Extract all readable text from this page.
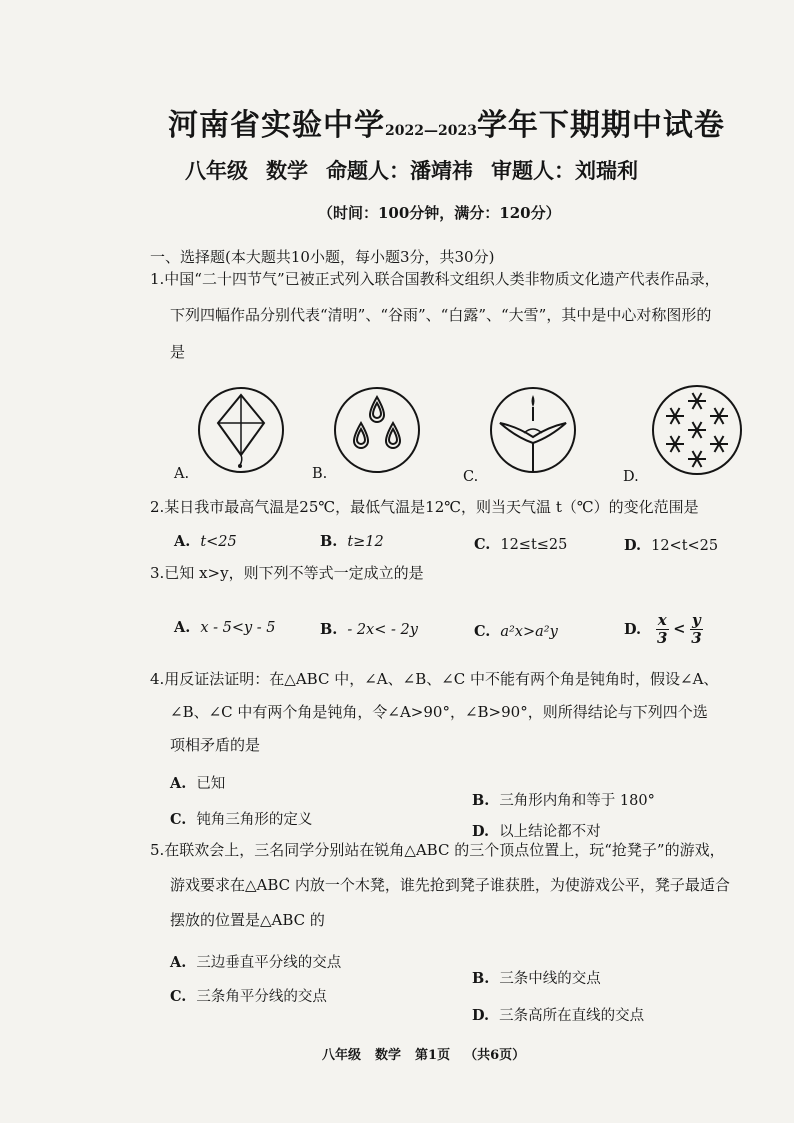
河南省实验中学2022—2023学年下期期中试卷
八年级 数学 命题人：潘靖祎 审题人：刘瑞利
（时间：100分钟，满分：120分）
一、选择题(本大题共10小题，每小题3分，共30分)
1.中国“二十四节气”已被正式列入联合国教科文组织人类非物质文化遗产代表作品录，
下列四幅作品分别代表“清明”、“谷雨”、“白露”、“大雪”，其中是中心对称图形的
是
A.	B.	C.	D.
2.某日我市最高气温是25℃，最低气温是12℃，则当天气温 t（℃）的变化范围是
A. t<25	B. t≥12	C. 12≤t≤25	D. 12<t<25
3.已知 x>y，则下列不等式一定成立的是
A. x - 5<y - 5	B. - 2x< - 2y	C. a²x>a²y	D. $\frac{x}{3} < \frac{y}{3}$
4.用反证法证明：在△ABC 中，∠A、∠B、∠C 中不能有两个角是钝角时，假设∠A、
∠B、∠C 中有两个角是钝角，令∠A>90°，∠B>90°，则所得结论与下列四个选
项相矛盾的是
A. 已知
B. 三角形内角和等于 180°
C. 钝角三角形的定义
D. 以上结论都不对
5.在联欢会上，三名同学分别站在锐角△ABC 的三个顶点位置上，玩“抢凳子”的游戏，
游戏要求在△ABC 内放一个木凳，谁先抢到凳子谁获胜，为使游戏公平，凳子最适合
摆放的位置是△ABC 的
A. 三边垂直平分线的交点
B. 三条中线的交点
C. 三条角平分线的交点
D. 三条高所在直线的交点
八年级 数学 第1页 （共6页）
